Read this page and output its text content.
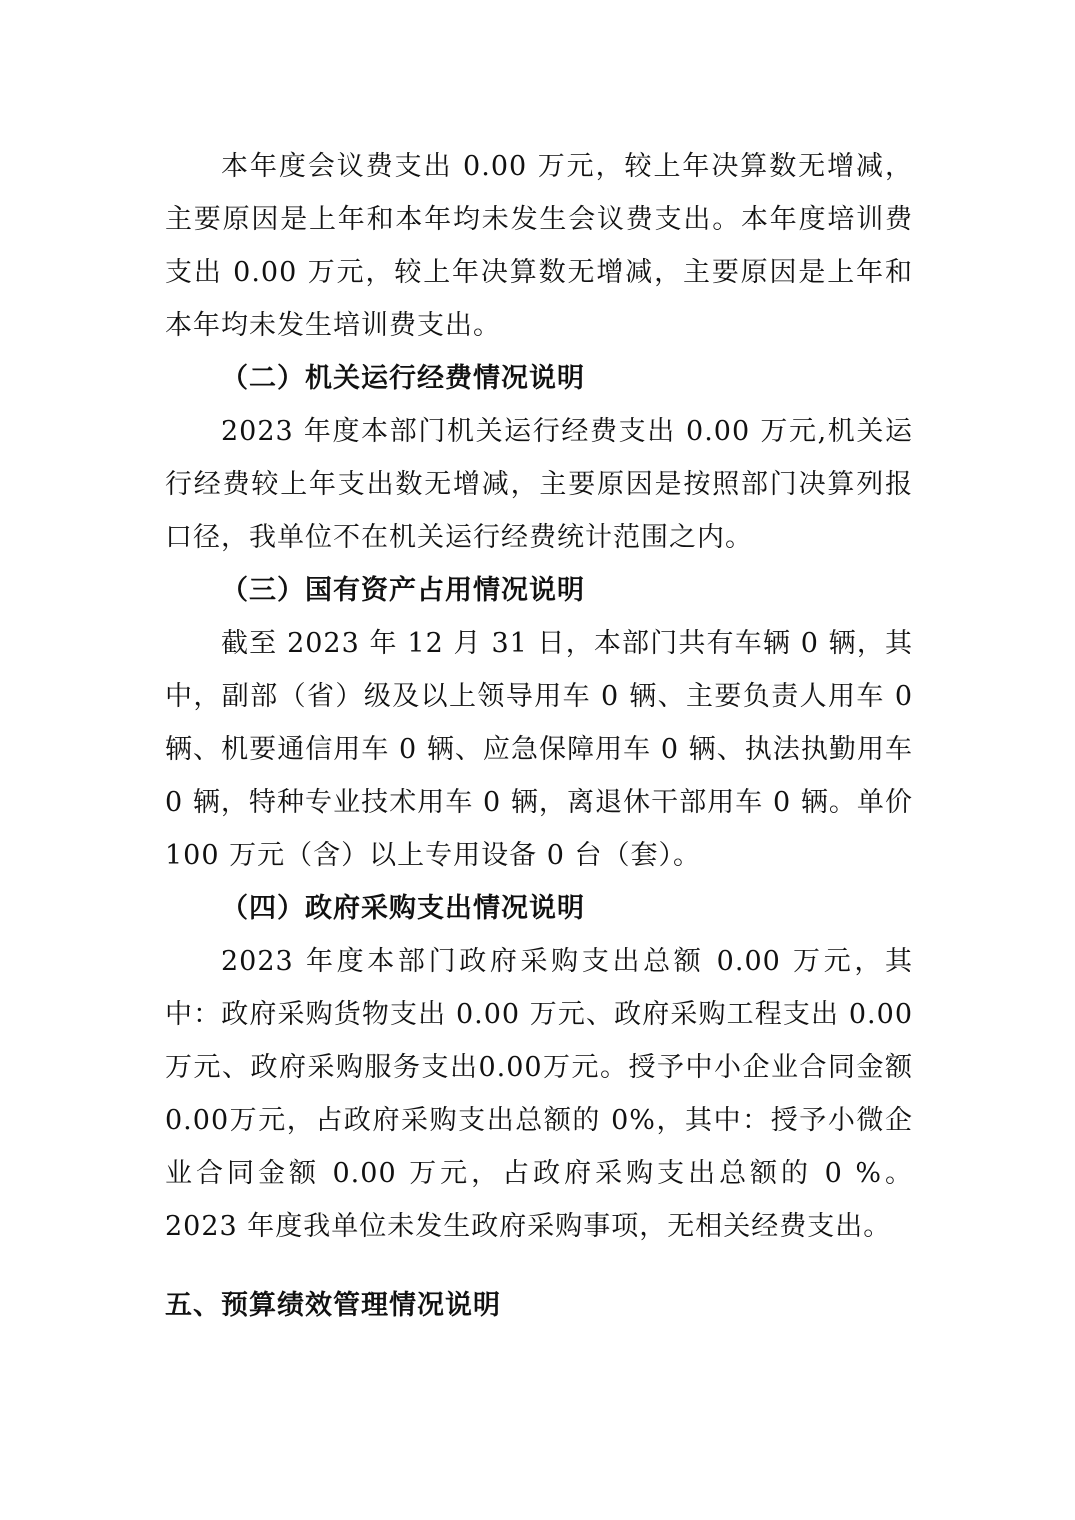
本年度会议费支出 0.00 万元，较上年决算数无增减，主要原因是上年和本年均未发生会议费支出。本年度培训费支出 0.00 万元，较上年决算数无增减，主要原因是上年和本年均未发生培训费支出。

（二）机关运行经费情况说明

2023 年度本部门机关运行经费支出 0.00 万元,机关运行经费较上年支出数无增减，主要原因是按照部门决算列报口径，我单位不在机关运行经费统计范围之内。

（三）国有资产占用情况说明

截至 2023 年 12 月 31 日，本部门共有车辆 0 辆，其中，副部（省）级及以上领导用车 0 辆、主要负责人用车 0 辆、机要通信用车 0 辆、应急保障用车 0 辆、执法执勤用车 0 辆，特种专业技术用车 0 辆，离退休干部用车 0 辆。单价 100 万元（含）以上专用设备 0 台（套）。

（四）政府采购支出情况说明

2023 年度本部门政府采购支出总额 0.00 万元，其中：政府采购货物支出 0.00 万元、政府采购工程支出 0.00 万元、政府采购服务支出0.00万元。授予中小企业合同金额0.00万元，占政府采购支出总额的 0%，其中：授予小微企业合同金额 0.00 万元，占政府采购支出总额的 0 %。2023 年度我单位未发生政府采购事项，无相关经费支出。

五、预算绩效管理情况说明
